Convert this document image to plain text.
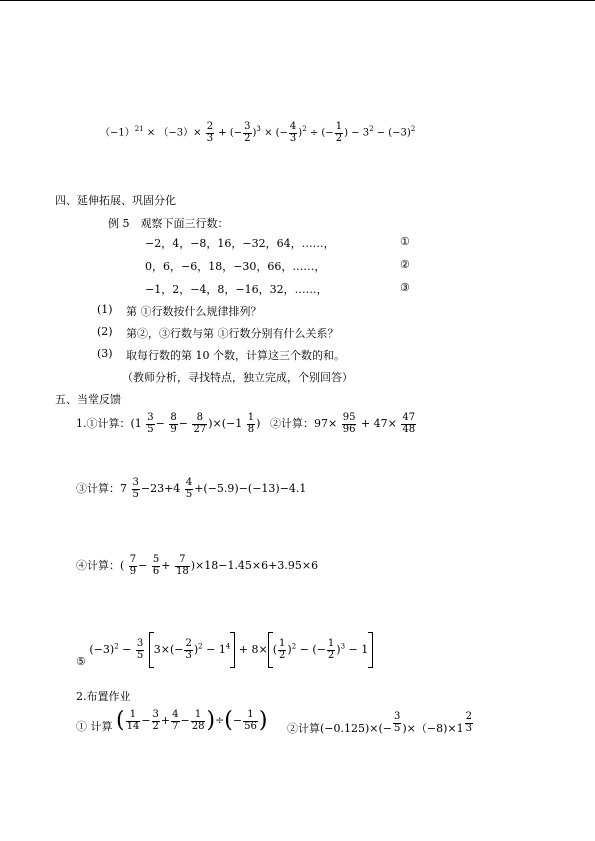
$(-1)^{21} \times (-3)\times \frac{2}{3}$ + (− $\frac{3}{2} )^3$ × (− $\frac{4}{3} )^2$ ÷ (− $\frac{1}{2}$ ) − $3^2 - (-3)^2$
四、延伸拓展、巩固分化
例 5　观察下面三行数：
−2，4，−8，16，−32，64，……，	①
0，6，−6，18，−30，66，……，	②
−1，2，−4，8，−16，32，……，	③
(1) 第 ①行数按什么规律排列？
(2) 第②，③行数与第 ①行数分别有什么关系？
(3) 取每行数的第 10 个数，计算这三个数的和。
（教师分析，寻找特点，独立完成，个别回答）
五、当堂反馈
1.①计算：$(1 \frac{3}{5} - \frac{8}{9} - \frac{8}{27} )\times(-1 \frac{1}{8}$ ) ②计算：$97\times \frac{95}{96} + 47\times \frac{47}{48}$
③计算：$7 \frac{3}{5} -23+4 \frac{4}{5} +(-5.9)-(-13)-4.1$
④计算：( $\frac{7}{9} - \frac{5}{6} + \frac{7}{18} )\times 18-1.45\times 6+3.95\times 6$
⑤ $(-3)^2 - \frac{3}{5} 3\times(- \frac{2}{3} )^2 - 1^4 + 8\times$ ( $\frac{1}{2} )^2$ − (− $\frac{1}{2} )^3 - 1$
2.布置作业
① 计算 ( $\frac{1}{14} - \frac{3}{2} + \frac{4}{7} - \frac{1}{28}$ )÷(− $\frac{1}{56}$ ) ②计算$(-0.125)\times(- \frac{3}{5} )\times(-8)\times 1 \frac{2}{3}$
